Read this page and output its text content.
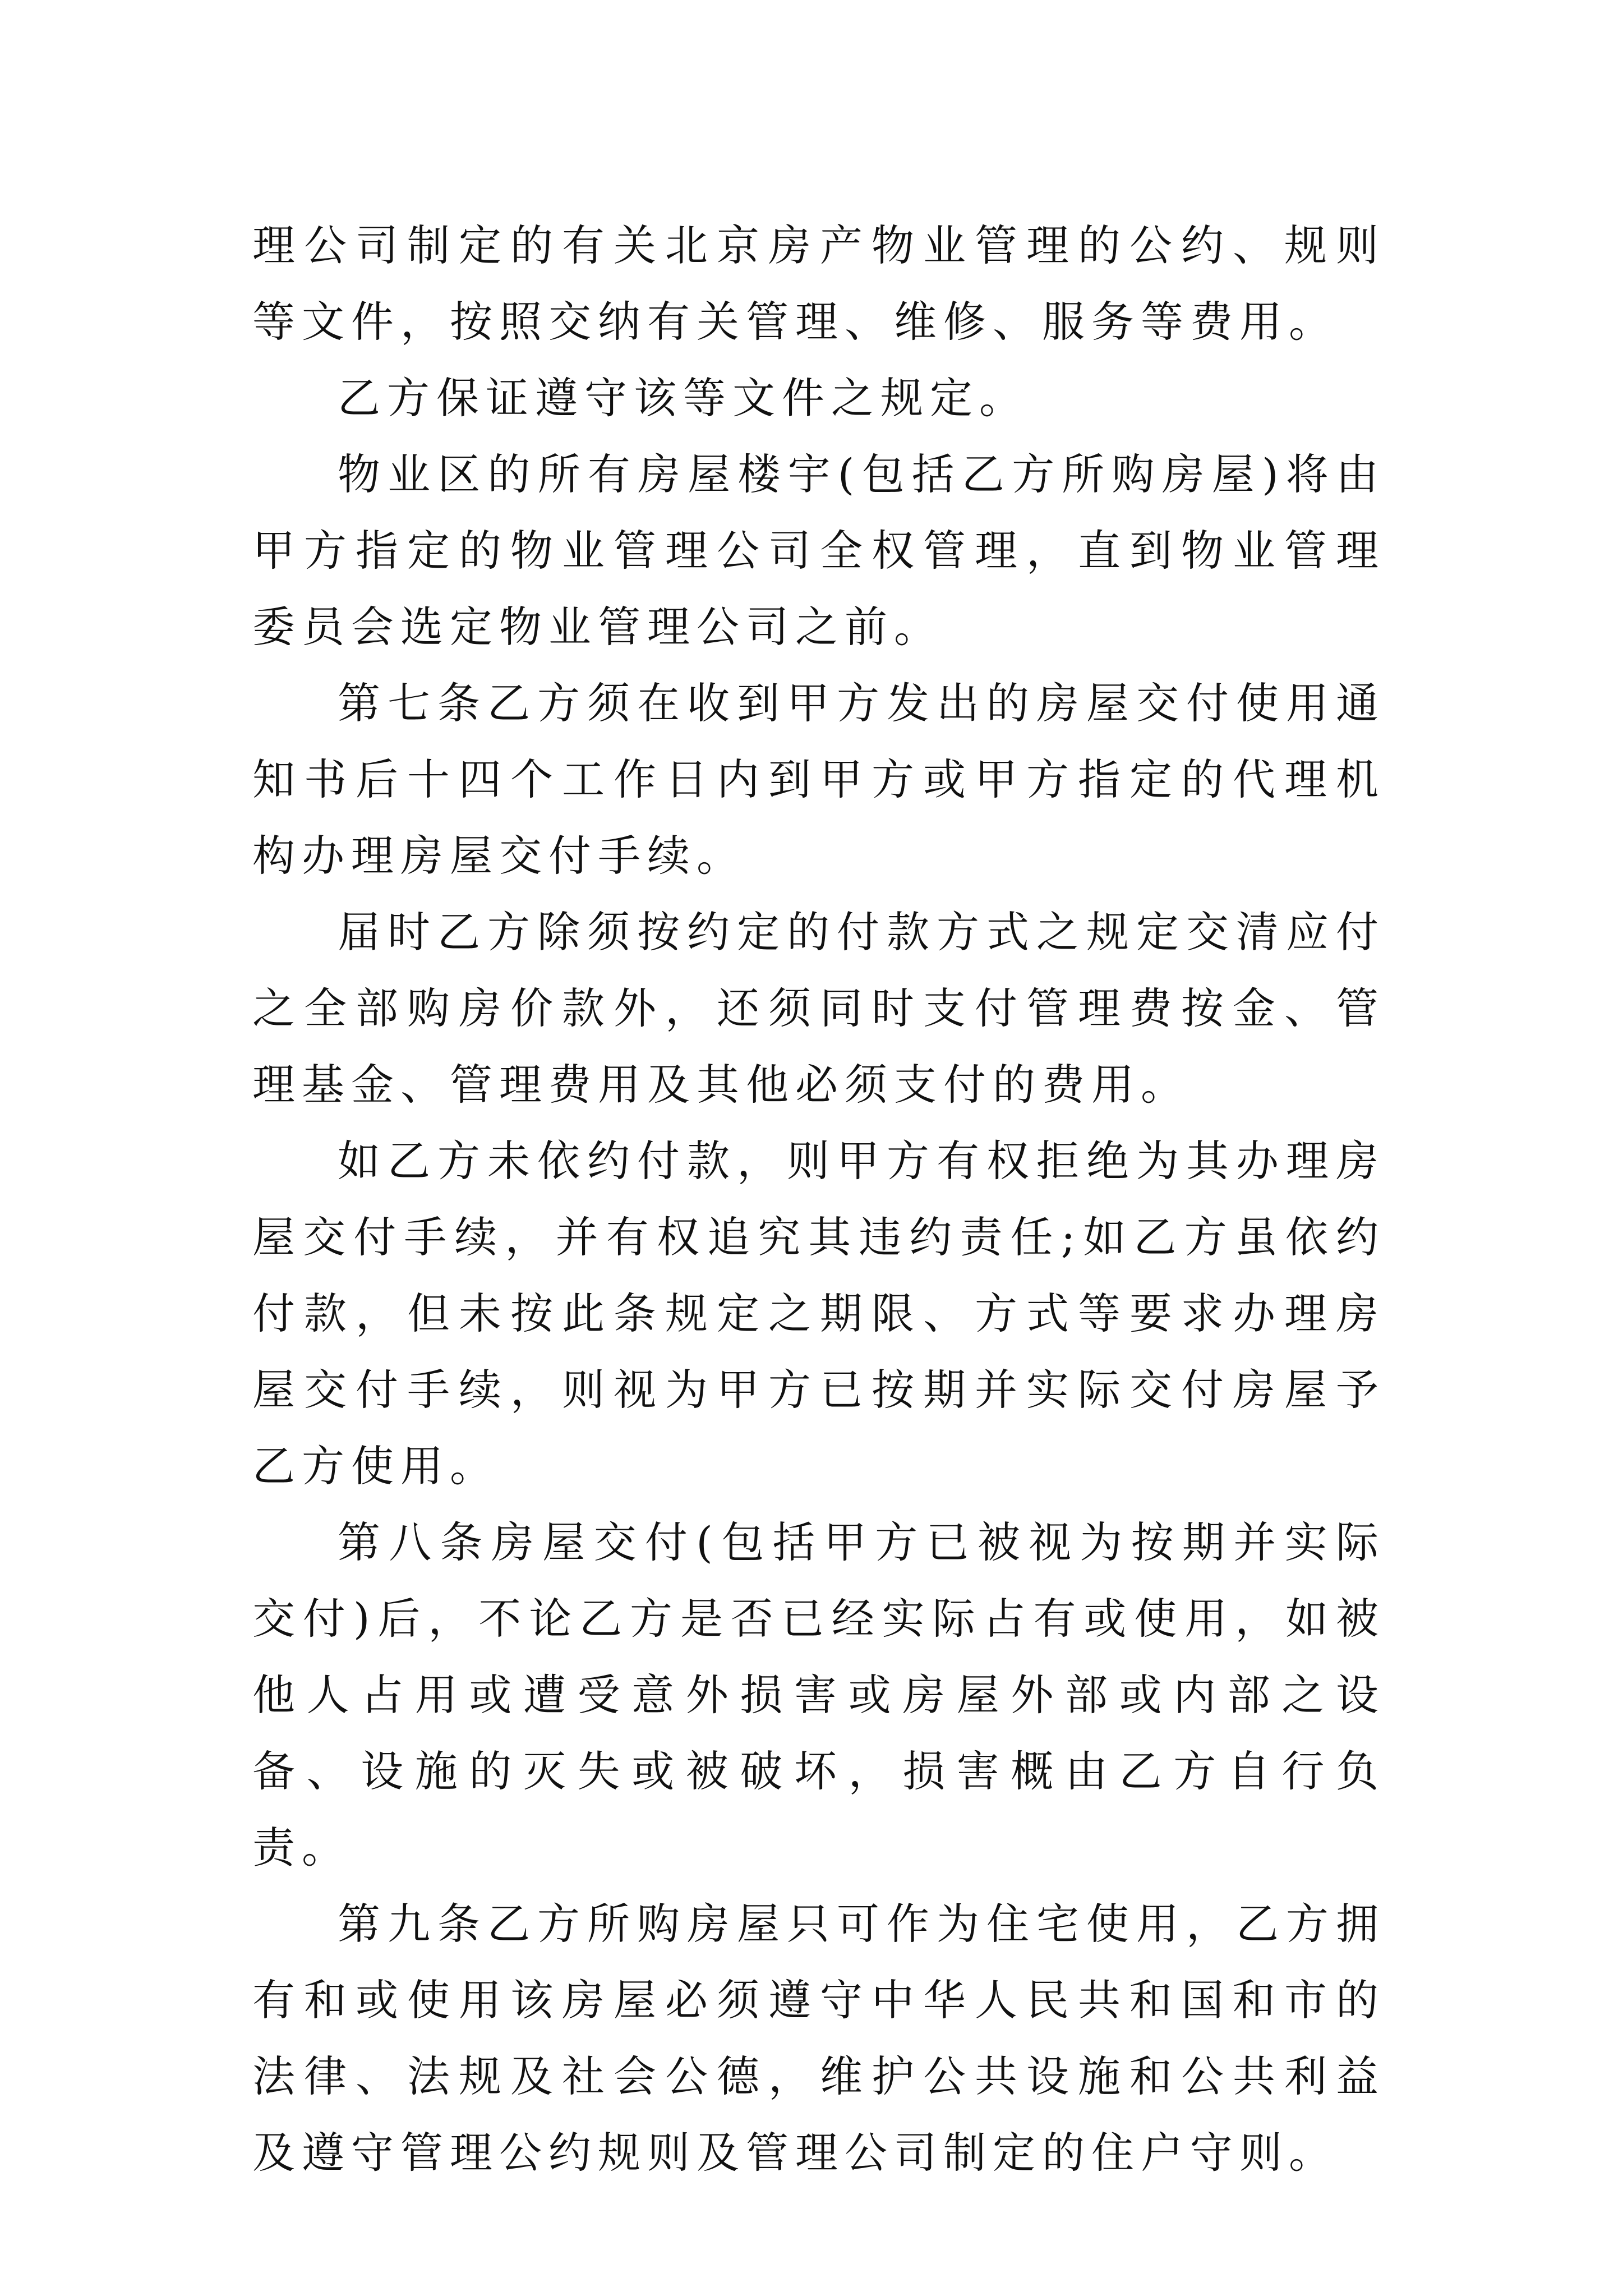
理公司制定的有关北京房产物业管理的公约、规则等文件，按照交纳有关管理、维修、服务等费用。

乙方保证遵守该等文件之规定。

物业区的所有房屋楼宇(包括乙方所购房屋)将由甲方指定的物业管理公司全权管理，直到物业管理委员会选定物业管理公司之前。

第七条乙方须在收到甲方发出的房屋交付使用通知书后十四个工作日内到甲方或甲方指定的代理机构办理房屋交付手续。

届时乙方除须按约定的付款方式之规定交清应付之全部购房价款外，还须同时支付管理费按金、管理基金、管理费用及其他必须支付的费用。

如乙方未依约付款，则甲方有权拒绝为其办理房屋交付手续，并有权追究其违约责任;如乙方虽依约付款，但未按此条规定之期限、方式等要求办理房屋交付手续，则视为甲方已按期并实际交付房屋予乙方使用。

第八条房屋交付(包括甲方已被视为按期并实际交付)后，不论乙方是否已经实际占有或使用，如被他人占用或遭受意外损害或房屋外部或内部之设备、设施的灭失或被破坏，损害概由乙方自行负责。

第九条乙方所购房屋只可作为住宅使用，乙方拥有和或使用该房屋必须遵守中华人民共和国和市的法律、法规及社会公德，维护公共设施和公共利益及遵守管理公约规则及管理公司制定的住户守则。
